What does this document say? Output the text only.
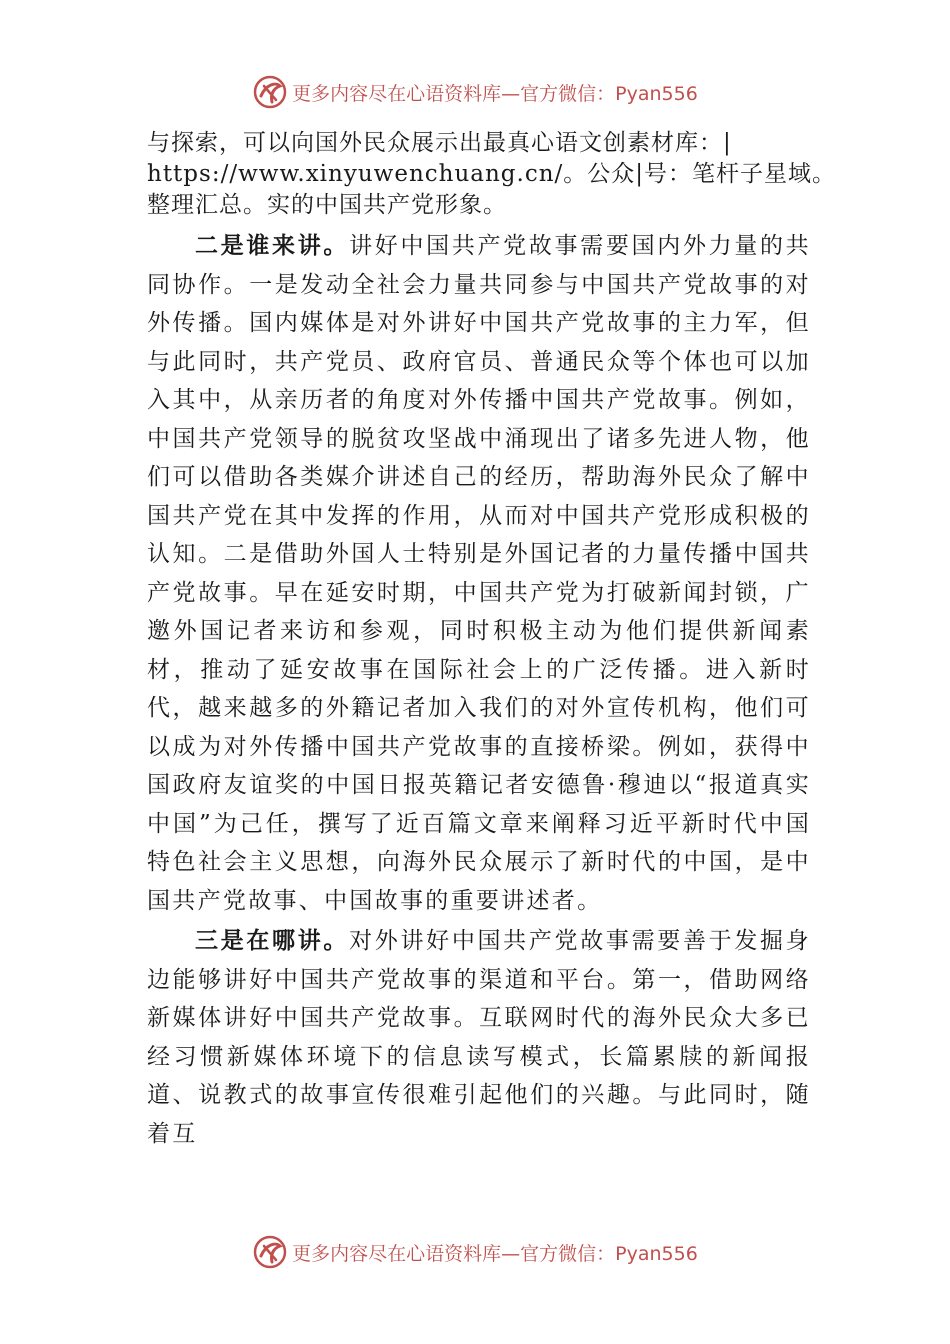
更多内容尽在心语资料库—官方微信：Pyan556
与探索，可以向国外民众展示出最真心语文创素材库：|
https://www.xinyuwenchuang.cn/。公众|号：笔杆子星域。
整理汇总。实的中国共产党形象。

二是谁来讲。讲好中国共产党故事需要国内外力量的共同协作。一是发动全社会力量共同参与中国共产党故事的对外传播。国内媒体是对外讲好中国共产党故事的主力军，但与此同时，共产党员、政府官员、普通民众等个体也可以加入其中，从亲历者的角度对外传播中国共产党故事。例如，中国共产党领导的脱贫攻坚战中涌现出了诸多先进人物，他们可以借助各类媒介讲述自己的经历，帮助海外民众了解中国共产党在其中发挥的作用，从而对中国共产党形成积极的认知。二是借助外国人士特别是外国记者的力量传播中国共产党故事。早在延安时期，中国共产党为打破新闻封锁，广邀外国记者来访和参观，同时积极主动为他们提供新闻素材，推动了延安故事在国际社会上的广泛传播。进入新时代，越来越多的外籍记者加入我们的对外宣传机构，他们可以成为对外传播中国共产党故事的直接桥梁。例如，获得中国政府友谊奖的中国日报英籍记者安德鲁·穆迪以“报道真实中国”为己任，撰写了近百篇文章来阐释习近平新时代中国特色社会主义思想，向海外民众展示了新时代的中国，是中国共产党故事、中国故事的重要讲述者。

三是在哪讲。对外讲好中国共产党故事需要善于发掘身边能够讲好中国共产党故事的渠道和平台。第一，借助网络新媒体讲好中国共产党故事。互联网时代的海外民众大多已经习惯新媒体环境下的信息读写模式，长篇累牍的新闻报道、说教式的故事宣传很难引起他们的兴趣。与此同时，随着互

更多内容尽在心语资料库—官方微信：Pyan556
